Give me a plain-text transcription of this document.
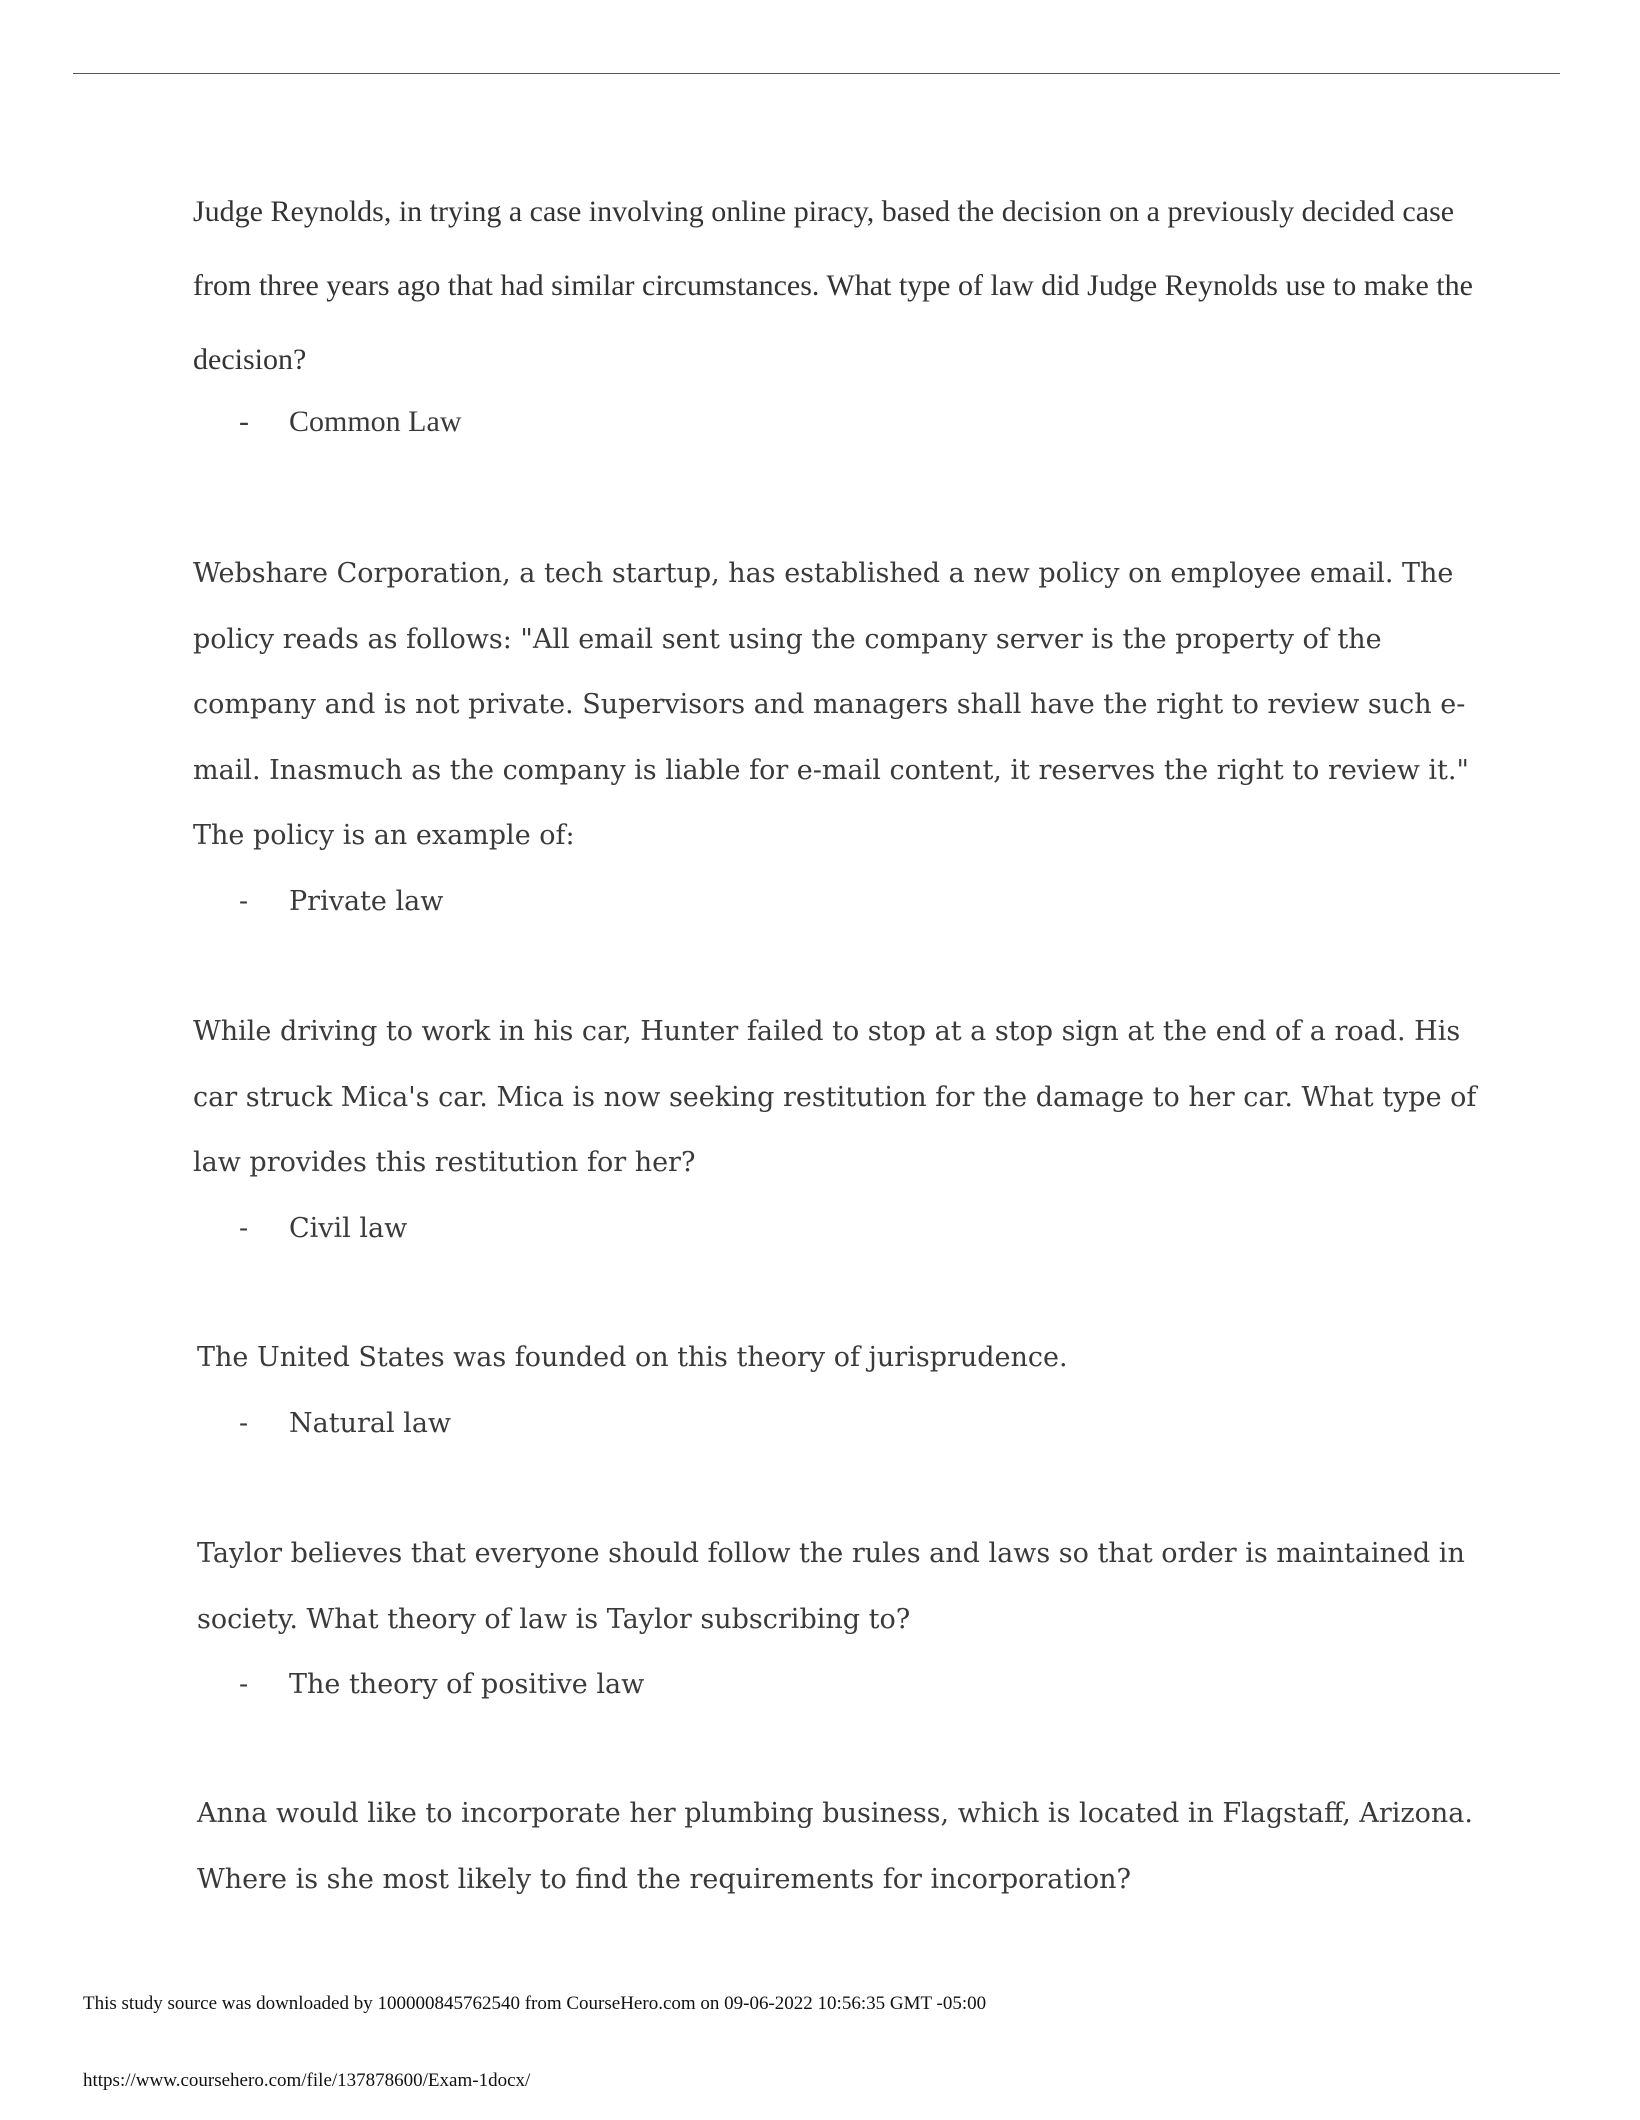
Judge Reynolds, in trying a case involving online piracy, based the decision on a previously decided case from three years ago that had similar circumstances. What type of law did Judge Reynolds use to make the decision?

- Common Law

Webshare Corporation, a tech startup, has established a new policy on employee email. The policy reads as follows: "All email sent using the company server is the property of the company and is not private. Supervisors and managers shall have the right to review such e-mail. Inasmuch as the company is liable for e-mail content, it reserves the right to review it." The policy is an example of:

- Private law

While driving to work in his car, Hunter failed to stop at a stop sign at the end of a road. His car struck Mica's car. Mica is now seeking restitution for the damage to her car. What type of law provides this restitution for her?

- Civil law

The United States was founded on this theory of jurisprudence.

- Natural law

Taylor believes that everyone should follow the rules and laws so that order is maintained in society. What theory of law is Taylor subscribing to?

- The theory of positive law

Anna would like to incorporate her plumbing business, which is located in Flagstaff, Arizona. Where is she most likely to find the requirements for incorporation?

This study source was downloaded by 100000845762540 from CourseHero.com on 09-06-2022 10:56:35 GMT -05:00
https://www.coursehero.com/file/137878600/Exam-1docx/
